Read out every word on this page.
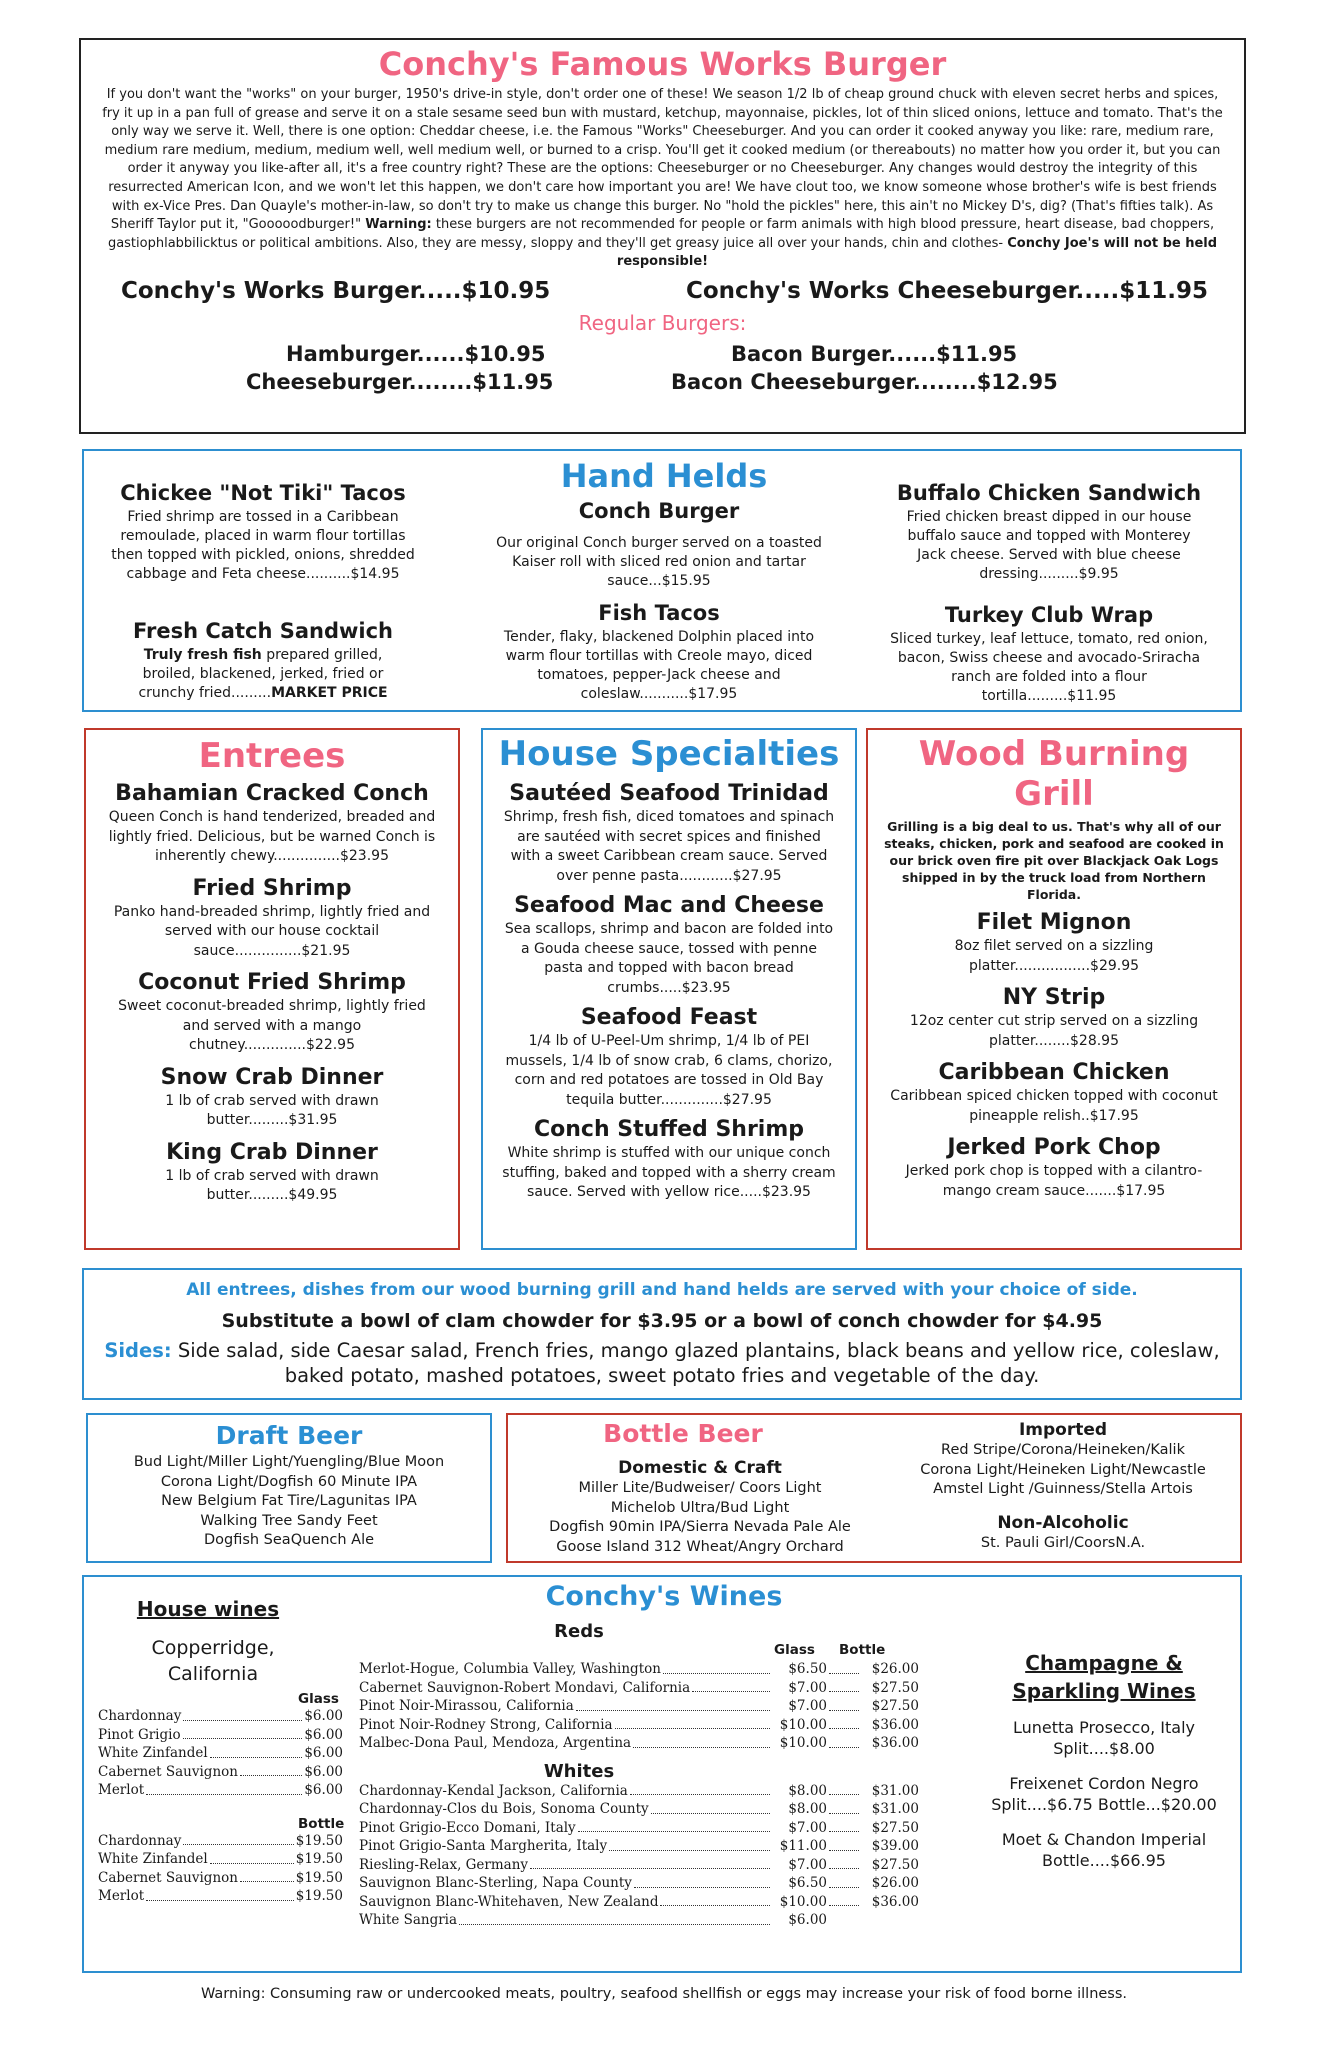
Conchy's Famous Works Burger

If you don't want the "works" on your burger, 1950's drive-in style, don't order one of these! We season 1/2 lb of cheap ground chuck with eleven secret herbs and spices, fry it up in a pan full of grease and serve it on a stale sesame seed bun with mustard, ketchup, mayonnaise, pickles, lot of thin sliced onions, lettuce and tomato. That's the only way we serve it. Well, there is one option: Cheddar cheese, i.e. the Famous "Works" Cheeseburger. And you can order it cooked anyway you like: rare, medium rare, medium rare medium, medium, medium well, well medium well, or burned to a crisp. You'll get it cooked medium (or thereabouts) no matter how you order it, but you can order it anyway you like-after all, it's a free country right? These are the options: Cheeseburger or no Cheeseburger. Any changes would destroy the integrity of this resurrected American Icon, and we won't let this happen, we don't care how important you are! We have clout too, we know someone whose brother's wife is best friends with ex-Vice Pres. Dan Quayle's mother-in-law, so don't try to make us change this burger. No "hold the pickles" here, this ain't no Mickey D's, dig? (That's fifties talk). As Sheriff Taylor put it, "Gooooodburger!" Warning: these burgers are not recommended for people or farm animals with high blood pressure, heart disease, bad choppers, gastiophlabbilicktus or political ambitions. Also, they are messy, sloppy and they'll get greasy juice all over your hands, chin and clothes- Conchy Joe's will not be held responsible!

Conchy's Works Burger.....$10.95	Conchy's Works Cheeseburger.....$11.95
Regular Burgers:
Hamburger......$10.95	Bacon Burger......$11.95
Cheeseburger........$11.95	Bacon Cheeseburger........$12.95
Hand Helds
Chickee "Not Tiki" Tacos

Fried shrimp are tossed in a Caribbean remoulade, placed in warm flour tortillas then topped with pickled, onions, shredded cabbage and Feta cheese..........$14.95

Fresh Catch Sandwich

Truly fresh fish prepared grilled, broiled, blackened, jerked, fried or crunchy fried.........MARKET PRICE

Conch Burger

Our original Conch burger served on a toasted Kaiser roll with sliced red onion and tartar sauce...$15.95

Fish Tacos

Tender, flaky, blackened Dolphin placed into warm flour tortillas with Creole mayo, diced tomatoes, pepper-Jack cheese and coleslaw...........$17.95

Buffalo Chicken Sandwich

Fried chicken breast dipped in our house buffalo sauce and topped with Monterey Jack cheese. Served with blue cheese dressing.........$9.95

Turkey Club Wrap

Sliced turkey, leaf lettuce, tomato, red onion, bacon, Swiss cheese and avocado-Sriracha ranch are folded into a flour tortilla.........$11.95

Entrees
Bahamian Cracked Conch

Queen Conch is hand tenderized, breaded and lightly fried. Delicious, but be warned Conch is inherently chewy...............$23.95

Fried Shrimp

Panko hand-breaded shrimp, lightly fried and served with our house cocktail sauce...............$21.95

Coconut Fried Shrimp

Sweet coconut-breaded shrimp, lightly fried and served with a mango chutney..............$22.95

Snow Crab Dinner

1 lb of crab served with drawn butter.........$31.95

King Crab Dinner

1 lb of crab served with drawn butter.........$49.95

House Specialties
Sautéed Seafood Trinidad

Shrimp, fresh fish, diced tomatoes and spinach are sautéed with secret spices and finished with a sweet Caribbean cream sauce. Served over penne pasta............$27.95

Seafood Mac and Cheese

Sea scallops, shrimp and bacon are folded into a Gouda cheese sauce, tossed with penne pasta and topped with bacon bread crumbs.....$23.95

Seafood Feast

1/4 lb of U-Peel-Um shrimp, 1/4 lb of PEI mussels, 1/4 lb of snow crab, 6 clams, chorizo, corn and red potatoes are tossed in Old Bay tequila butter..............$27.95

Conch Stuffed Shrimp

White shrimp is stuffed with our unique conch stuffing, baked and topped with a sherry cream sauce. Served with yellow rice.....$23.95

Wood Burning
Grill

Grilling is a big deal to us. That's why all of our steaks, chicken, pork and seafood are cooked in our brick oven fire pit over Blackjack Oak Logs shipped in by the truck load from Northern Florida.

Filet Mignon

8oz filet served on a sizzling platter.................$29.95

NY Strip

12oz center cut strip served on a sizzling platter........$28.95

Caribbean Chicken

Caribbean spiced chicken topped with coconut pineapple relish..$17.95

Jerked Pork Chop

Jerked pork chop is topped with a cilantro-mango cream sauce.......$17.95

All entrees, dishes from our wood burning grill and hand helds are served with your choice of side.

Substitute a bowl of clam chowder for $3.95 or a bowl of conch chowder for $4.95

Sides: Side salad, side Caesar salad, French fries, mango glazed plantains, black beans and yellow rice, coleslaw, baked potato, mashed potatoes, sweet potato fries and vegetable of the day.

Draft Beer
Bud Light/Miller Light/Yuengling/Blue Moon
Corona Light/Dogfish 60 Minute IPA
New Belgium Fat Tire/Lagunitas IPA
Walking Tree Sandy Feet
Dogfish SeaQuench Ale
Bottle Beer
Domestic & Craft
Miller Lite/Budweiser/ Coors Light
Michelob Ultra/Bud Light
Dogfish 90min IPA/Sierra Nevada Pale Ale
Goose Island 312 Wheat/Angry Orchard
Imported
Red Stripe/Corona/Heineken/Kalik
Corona Light/Heineken Light/Newcastle
Amstel Light /Guinness/Stella Artois
Non-Alcoholic
St. Pauli Girl/CoorsN.A.
Conchy's Wines
House wines
Copperridge, California
Glass
Chardonnay	$6.00
Pinot Grigio	$6.00
White Zinfandel	$6.00
Cabernet Sauvignon	$6.00
Merlot	$6.00
Bottle
Chardonnay	$19.50
White Zinfandel	$19.50
Cabernet Sauvignon	$19.50
Merlot	$19.50
Reds
Glass Bottle
Merlot-Hogue, Columbia Valley, Washington	$6.50	$26.00
Cabernet Sauvignon-Robert Mondavi, California	$7.00	$27.50
Pinot Noir-Mirassou, California	$7.00	$27.50
Pinot Noir-Rodney Strong, California	$10.00	$36.00
Malbec-Dona Paul, Mendoza, Argentina	$10.00	$36.00
Whites
Chardonnay-Kendal Jackson, California	$8.00	$31.00
Chardonnay-Clos du Bois, Sonoma County	$8.00	$31.00
Pinot Grigio-Ecco Domani, Italy	$7.00	$27.50
Pinot Grigio-Santa Margherita, Italy	$11.00	$39.00
Riesling-Relax, Germany	$7.00	$27.50
Sauvignon Blanc-Sterling, Napa County	$6.50	$26.00
Sauvignon Blanc-Whitehaven, New Zealand	$10.00	$36.00
White Sangria	$6.00
Champagne &
Sparkling Wines
Lunetta Prosecco, Italy
Split....$8.00
Freixenet Cordon Negro
Split....$6.75 Bottle...$20.00
Moet & Chandon Imperial
Bottle....$66.95
Warning: Consuming raw or undercooked meats, poultry, seafood shellfish or eggs may increase your risk of food borne illness.
